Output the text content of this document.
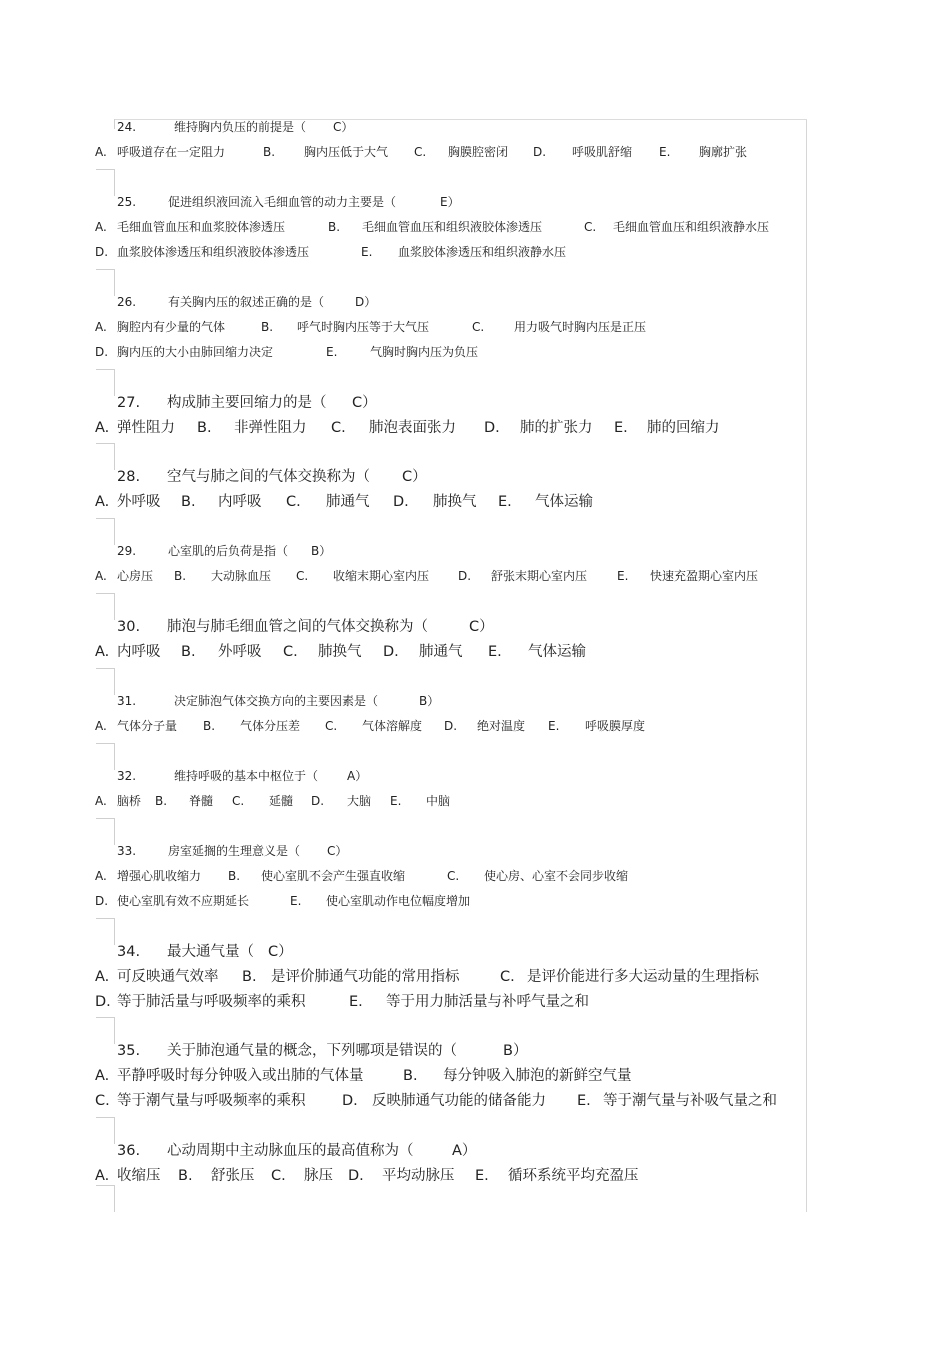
24.	维持胸内负压的前提是（ C）
A. 呼吸道存在一定阻力	B. 胸内压低于大气 C. 胸膜腔密闭 D. 呼吸肌舒缩 E. 胸廓扩张
25.	促进组织液回流入毛细血管的动力主要是（	E）
A. 毛细血管血压和血浆胶体渗透压	B. 毛细血管血压和组织液胶体渗透压	C. 毛细血管血压和组织液静水压
D. 血浆胶体渗透压和组织液胶体渗透压	E. 血浆胶体渗透压和组织液静水压
26.	有关胸内压的叙述正确的是（	D）
A. 胸腔内有少量的气体	B. 呼气时胸内压等于大气压	C. 用力吸气时胸内压是正压
D. 胸内压的大小由肺回缩力决定	E.	气胸时胸内压为负压
27. 构成肺主要回缩力的是（ C）
A. 弹性阻力 B. 非弹性阻力 C. 肺泡表面张力 D. 肺的扩张力 E. 肺的回缩力
28. 空气与肺之间的气体交换称为（ C）
A. 外呼吸 B. 内呼吸 C. 肺通气 D. 肺换气 E. 气体运输
29.	心室肌的后负荷是指（ B）
A. 心房压 B. 大动脉血压 C. 收缩末期心室内压 D. 舒张末期心室内压 E. 快速充盈期心室内压
30. 肺泡与肺毛细血管之间的气体交换称为（	C）
A. 内呼吸 B. 外呼吸 C. 肺换气 D. 肺通气 E. 气体运输
31.	决定肺泡气体交换方向的主要因素是（	B）
A. 气体分子量 B. 气体分压差 C. 气体溶解度 D. 绝对温度 E. 呼吸膜厚度
32.	维持呼吸的基本中枢位于（ A）
A. 脑桥 B. 脊髓 C. 延髓 D. 大脑 E. 中脑
33.	房室延搁的生理意义是（ C）
A. 增强心肌收缩力 B. 使心室肌不会产生强直收缩	C. 使心房、心室不会同步收缩
D. 使心室肌有效不应期延长	E. 使心室肌动作电位幅度增加
34. 最大通气量（ C）
A. 可反映通气效率 B. 是评价肺通气功能的常用指标	C. 是评价能进行多大运动量的生理指标
D. 等于肺活量与呼吸频率的乘积	E. 等于用力肺活量与补呼气量之和
35. 关于肺泡通气量的概念，下列哪项是错误的（	B）
A. 平静呼吸时每分钟吸入或出肺的气体量	B. 每分钟吸入肺泡的新鲜空气量
C. 等于潮气量与呼吸频率的乘积	D. 反映肺通气功能的储备能力 E. 等于潮气量与补吸气量之和
36. 心动周期中主动脉血压的最高值称为（	A）
A. 收缩压 B. 舒张压 C. 脉压 D. 平均动脉压 E. 循环系统平均充盈压
